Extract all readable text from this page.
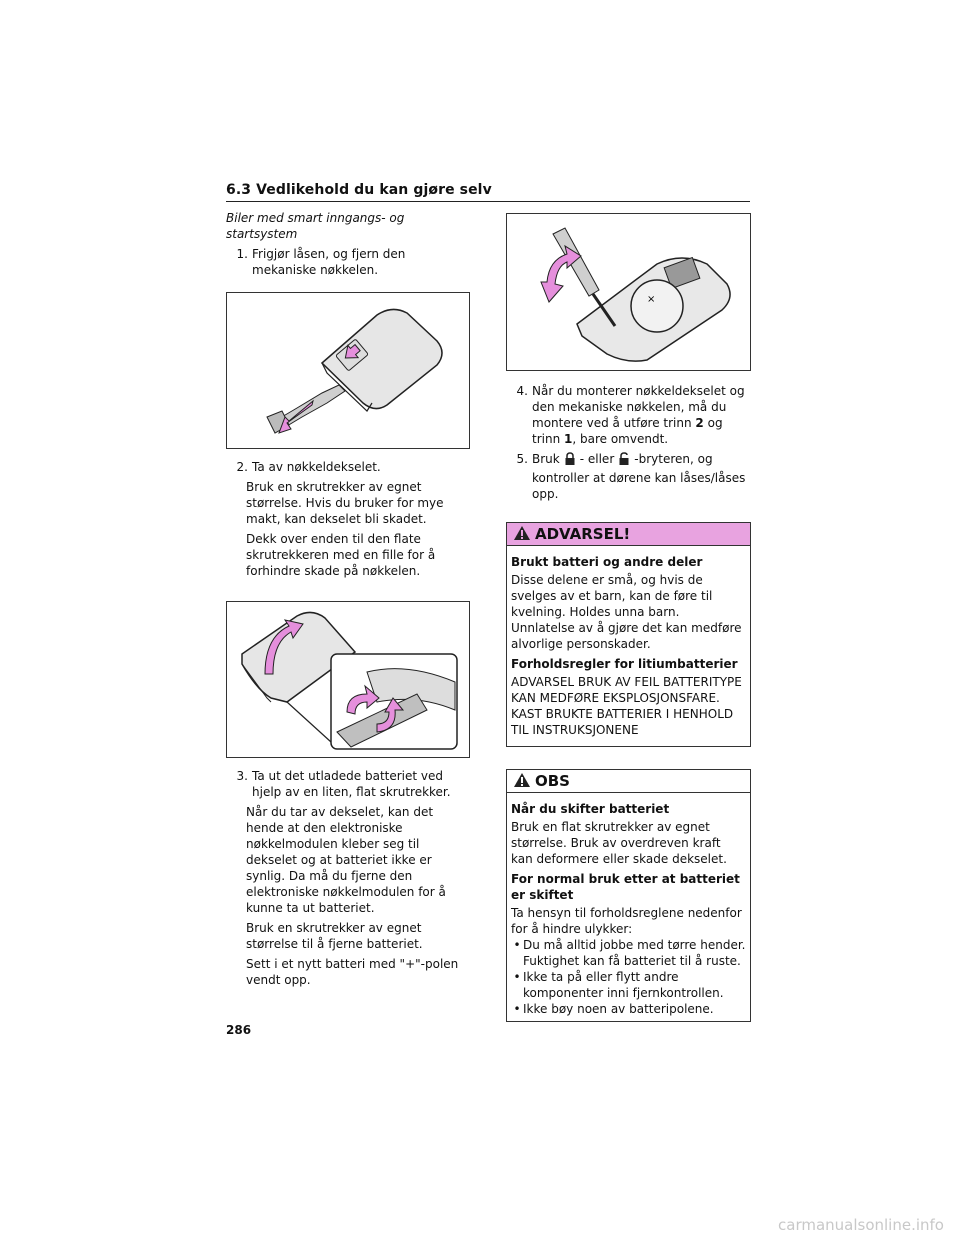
6.3 Vedlikehold du kan gjøre selv
Biler med smart inngangs- og startsystem
1. Frigjør låsen, og fjern den mekaniske nøkkelen.
2. Ta av nøkkeldekselet.
Bruk en skrutrekker av egnet størrelse. Hvis du bruker for mye makt, kan dekselet bli skadet.
Dekk over enden til den flate skrutrekkeren med en fille for å forhindre skade på nøkkelen.
3. Ta ut det utladede batteriet ved hjelp av en liten, flat skrutrekker.
Når du tar av dekselet, kan det hende at den elektroniske nøkkelmodulen kleber seg til dekselet og at batteriet ikke er synlig. Da må du fjerne den elektroniske nøkkelmodulen for å kunne ta ut batteriet.
Bruk en skrutrekker av egnet størrelse til å fjerne batteriet.
Sett i et nytt batteri med "+"-polen vendt opp.
×
4. Når du monterer nøkkeldekselet og den mekaniske nøkkelen, må du montere ved å utføre trinn 2 og trinn 1, bare omvendt.
5. Bruk - eller -bryteren, og kontroller at dørene kan låses/låses opp.
ADVARSEL!
Brukt batteri og andre deler

Disse delene er små, og hvis de svelges av et barn, kan de føre til kvelning. Holdes unna barn. Unnlatelse av å gjøre det kan medføre alvorlige personskader.

Forholdsregler for litiumbatterier

ADVARSEL BRUK AV FEIL BATTERITYPE KAN MEDFØRE EKSPLOSJONSFARE. KAST BRUKTE BATTERIER I HENHOLD TIL INSTRUKSJONENE

OBS
Når du skifter batteriet

Bruk en flat skrutrekker av egnet størrelse. Bruk av overdreven kraft kan deformere eller skade dekselet.

For normal bruk etter at batteriet er skiftet

Ta hensyn til forholdsreglene nedenfor for å hindre ulykker:

• Du må alltid jobbe med tørre hender. Fuktighet kan få batteriet til å ruste.
• Ikke ta på eller flytt andre komponenter inni fjernkontrollen.
• Ikke bøy noen av batteripolene.
286
carmanualsonline.info
